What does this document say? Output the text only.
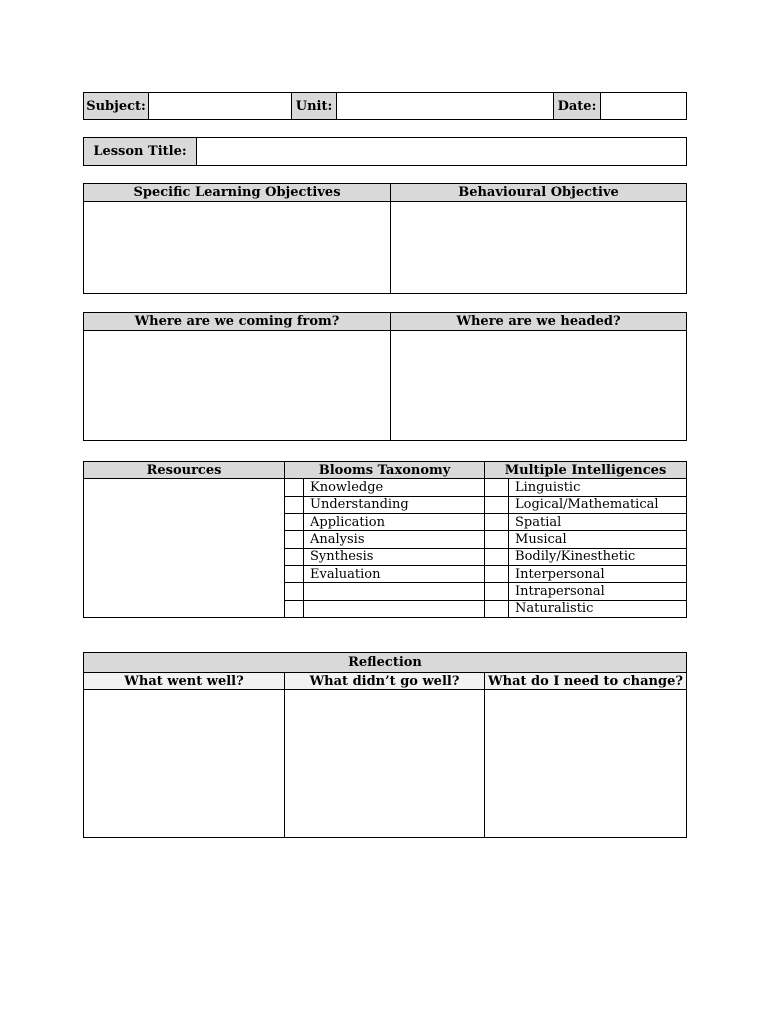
Subject:		Unit:		Date:	
Lesson Title:	
Specific Learning Objectives	Behavioural Objective

Where are we coming from?	Where are we headed?

Resources	Blooms Taxonomy		Multiple Intelligences	
		Knowledge		Linguistic
		Understanding		Logical/Mathematical
		Application		Spatial
		Analysis		Musical
		Synthesis		Bodily/Kinesthetic
		Evaluation		Interpersonal
				Intrapersonal
				Naturalistic
Reflection		
What went well?	What didn’t go well?	What do I need to change?
